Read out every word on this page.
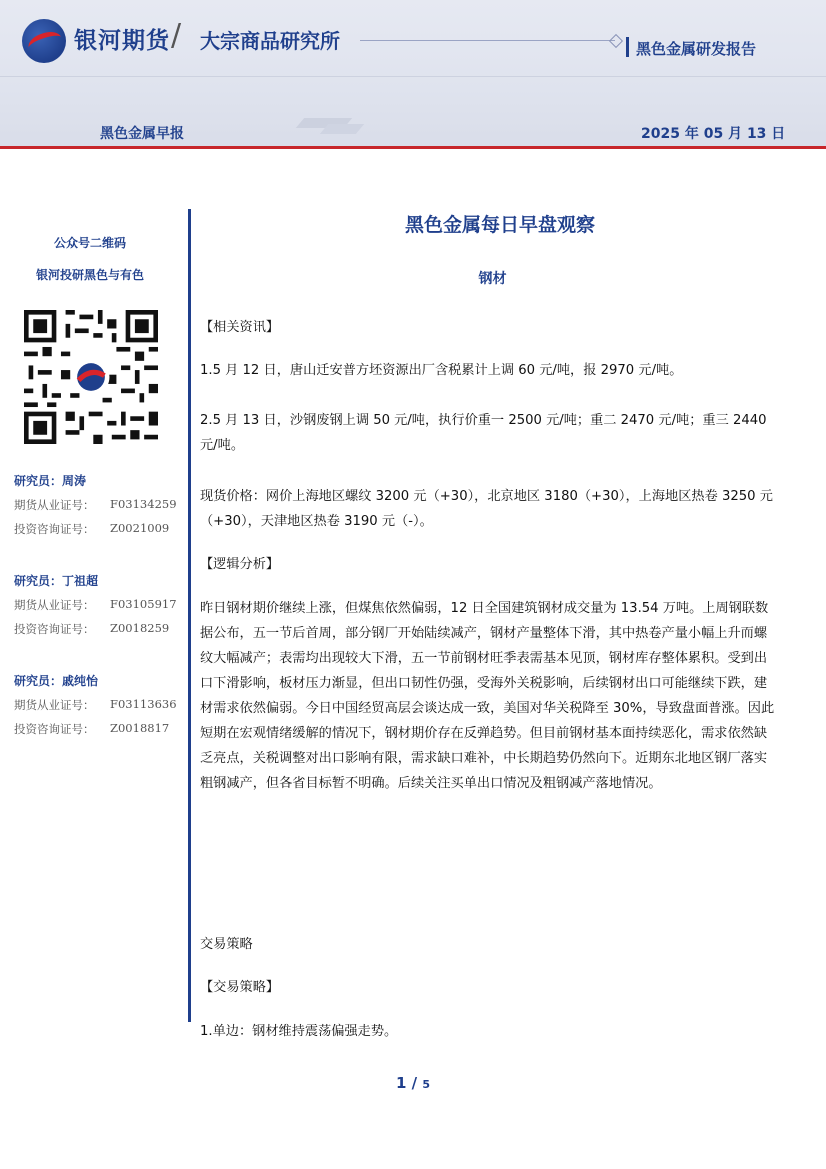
银河期货 / 大宗商品研究所	黑色金属研发报告
黑色金属早报	2025 年 05 月 13 日
公众号二维码
银河投研黑色与有色
研究员：周涛
期货从业证号： F03134259
投资咨询证号： Z0021009
研究员：丁祖超
期货从业证号： F03105917
投资咨询证号： Z0018259
研究员：戚纯怡
期货从业证号： F03113636
投资咨询证号： Z0018817
黑色金属每日早盘观察
钢材
【相关资讯】
1.5 月 12 日，唐山迁安普方坯资源出厂含税累计上调 60 元/吨，报 2970 元/吨。
2.5 月 13 日，沙钢废钢上调 50 元/吨，执行价重一 2500 元/吨；重二 2470 元/吨；重三 2440 元/吨。
现货价格：网价上海地区螺纹 3200 元（+30），北京地区 3180（+30），上海地区热卷 3250 元（+30），天津地区热卷 3190 元（-）。
【逻辑分析】
昨日钢材期价继续上涨，但煤焦依然偏弱，12 日全国建筑钢材成交量为 13.54 万吨。上周钢联数据公布，五一节后首周，部分钢厂开始陆续减产，钢材产量整体下滑，其中热卷产量小幅上升而螺纹大幅减产；表需均出现较大下滑，五一节前钢材旺季表需基本见顶，钢材库存整体累积。受到出口下滑影响，板材压力渐显，但出口韧性仍强，受海外关税影响，后续钢材出口可能继续下跌，建材需求依然偏弱。今日中国经贸高层会谈达成一致，美国对华关税降至 30%，导致盘面普涨。因此短期在宏观情绪缓解的情况下，钢材期价存在反弹趋势。但目前钢材基本面持续恶化，需求依然缺乏亮点，关税调整对出口影响有限，需求缺口难补，中长期趋势仍然向下。近期东北地区钢厂落实粗钢减产，但各省目标暂不明确。后续关注买单出口情况及粗钢减产落地情况。
交易策略
【交易策略】
1.单边：钢材维持震荡偏强走势。
1 / 5
